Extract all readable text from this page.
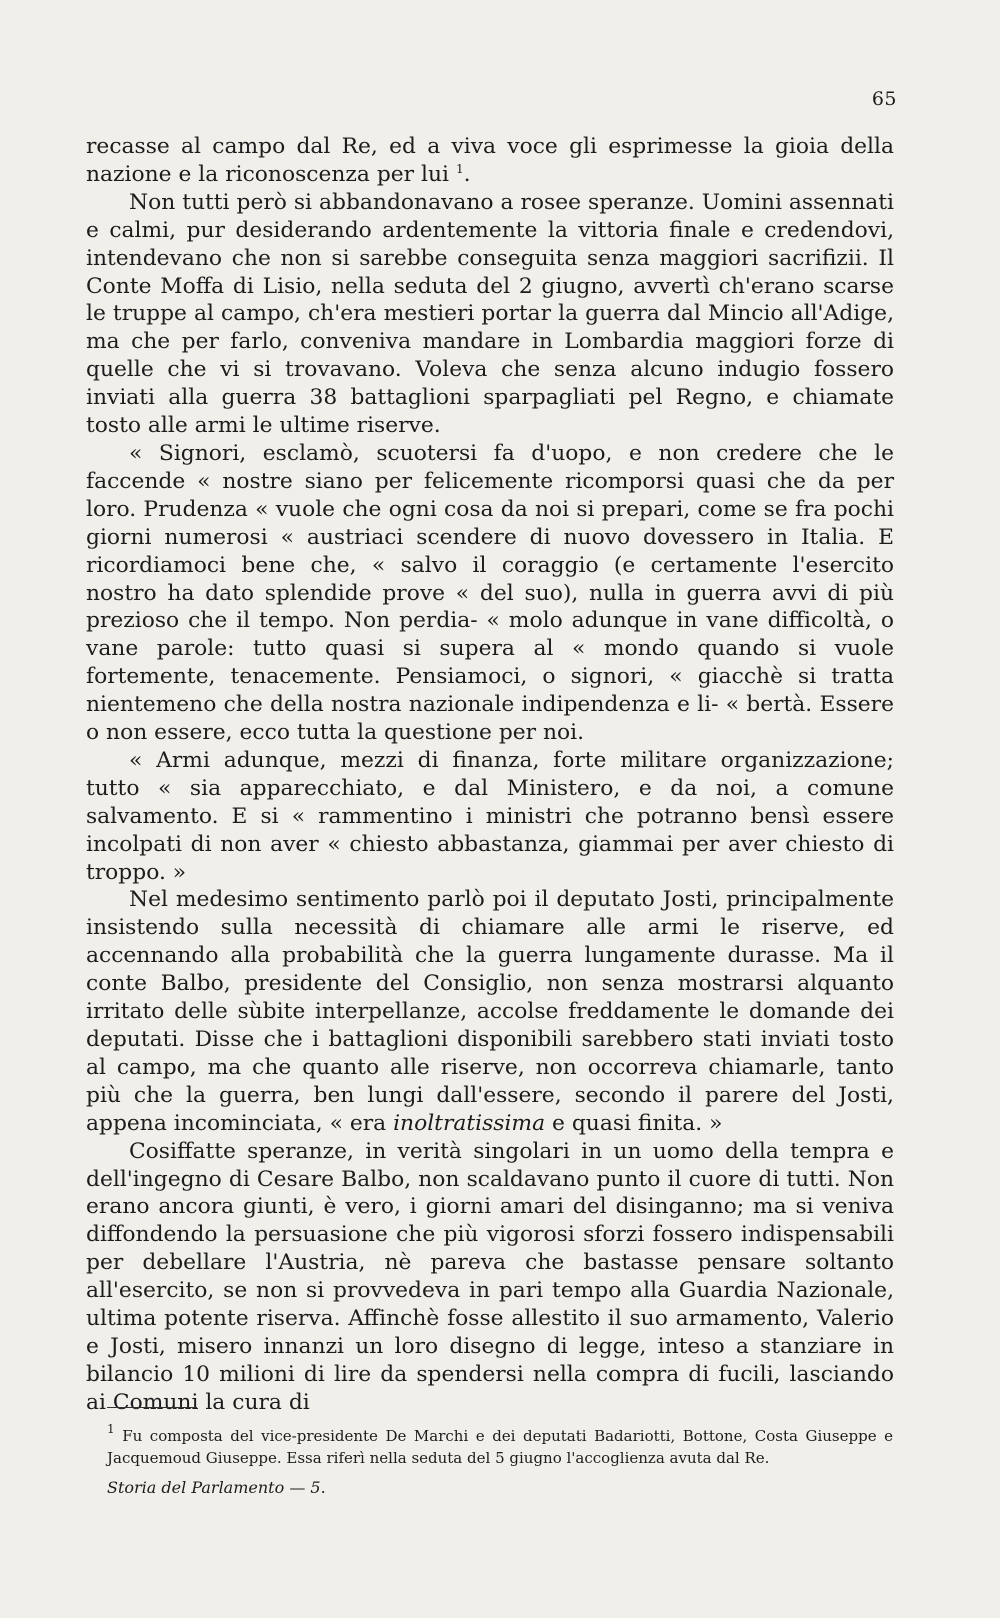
65

recasse al campo dal Re, ed a viva voce gli esprimesse la gioia della nazione e la riconoscenza per lui $^1$.

Non tutti però si abbandonavano a rosee speranze. Uomini assennati e calmi, pur desiderando ardentemente la vittoria finale e credendovi, intendevano che non si sarebbe conseguita senza maggiori sacrifizii. Il Conte Moffa di Lisio, nella seduta del 2 giugno, avvertì ch'erano scarse le truppe al campo, ch'era mestieri portar la guerra dal Mincio all'Adige, ma che per farlo, conveniva mandare in Lombardia maggiori forze di quelle che vi si trovavano. Voleva che senza alcuno indugio fossero inviati alla guerra 38 battaglioni sparpagliati pel Regno, e chiamate tosto alle armi le ultime riserve.

« Signori, esclamò, scuotersi fa d'uopo, e non credere che le faccende « nostre siano per felicemente ricomporsi quasi che da per loro. Prudenza « vuole che ogni cosa da noi si prepari, come se fra pochi giorni numerosi « austriaci scendere di nuovo dovessero in Italia. E ricordiamoci bene che, « salvo il coraggio (e certamente l'esercito nostro ha dato splendide prove « del suo), nulla in guerra avvi di più prezioso che il tempo. Non perdia- « molo adunque in vane difficoltà, o vane parole: tutto quasi si supera al « mondo quando si vuole fortemente, tenacemente. Pensiamoci, o signori, « giacchè si tratta nientemeno che della nostra nazionale indipendenza e li- « bertà. Essere o non essere, ecco tutta la questione per noi.

« Armi adunque, mezzi di finanza, forte militare organizzazione; tutto « sia apparecchiato, e dal Ministero, e da noi, a comune salvamento. E si « rammentino i ministri che potranno bensì essere incolpati di non aver « chiesto abbastanza, giammai per aver chiesto di troppo. »

Nel medesimo sentimento parlò poi il deputato Josti, principalmente insistendo sulla necessità di chiamare alle armi le riserve, ed accennando alla probabilità che la guerra lungamente durasse. Ma il conte Balbo, presidente del Consiglio, non senza mostrarsi alquanto irritato delle sùbite interpellanze, accolse freddamente le domande dei deputati. Disse che i battaglioni disponibili sarebbero stati inviati tosto al campo, ma che quanto alle riserve, non occorreva chiamarle, tanto più che la guerra, ben lungi dall'essere, secondo il parere del Josti, appena incominciata, « era inoltratissima e quasi finita. »

Cosiffatte speranze, in verità singolari in un uomo della tempra e dell'ingegno di Cesare Balbo, non scaldavano punto il cuore di tutti. Non erano ancora giunti, è vero, i giorni amari del disinganno; ma si veniva diffondendo la persuasione che più vigorosi sforzi fossero indispensabili per debellare l'Austria, nè pareva che bastasse pensare soltanto all'esercito, se non si provvedeva in pari tempo alla Guardia Nazionale, ultima potente riserva. Affinchè fosse allestito il suo armamento, Valerio e Josti, misero innanzi un loro disegno di legge, inteso a stanziare in bilancio 10 milioni di lire da spendersi nella compra di fucili, lasciando ai Comuni la cura di

$^1$ Fu composta del vice-presidente De Marchi e dei deputati Badariotti, Bottone, Costa Giuseppe e Jacquemoud Giuseppe. Essa riferì nella seduta del 5 giugno l'accoglienza avuta dal Re.
Storia del Parlamento — 5.
